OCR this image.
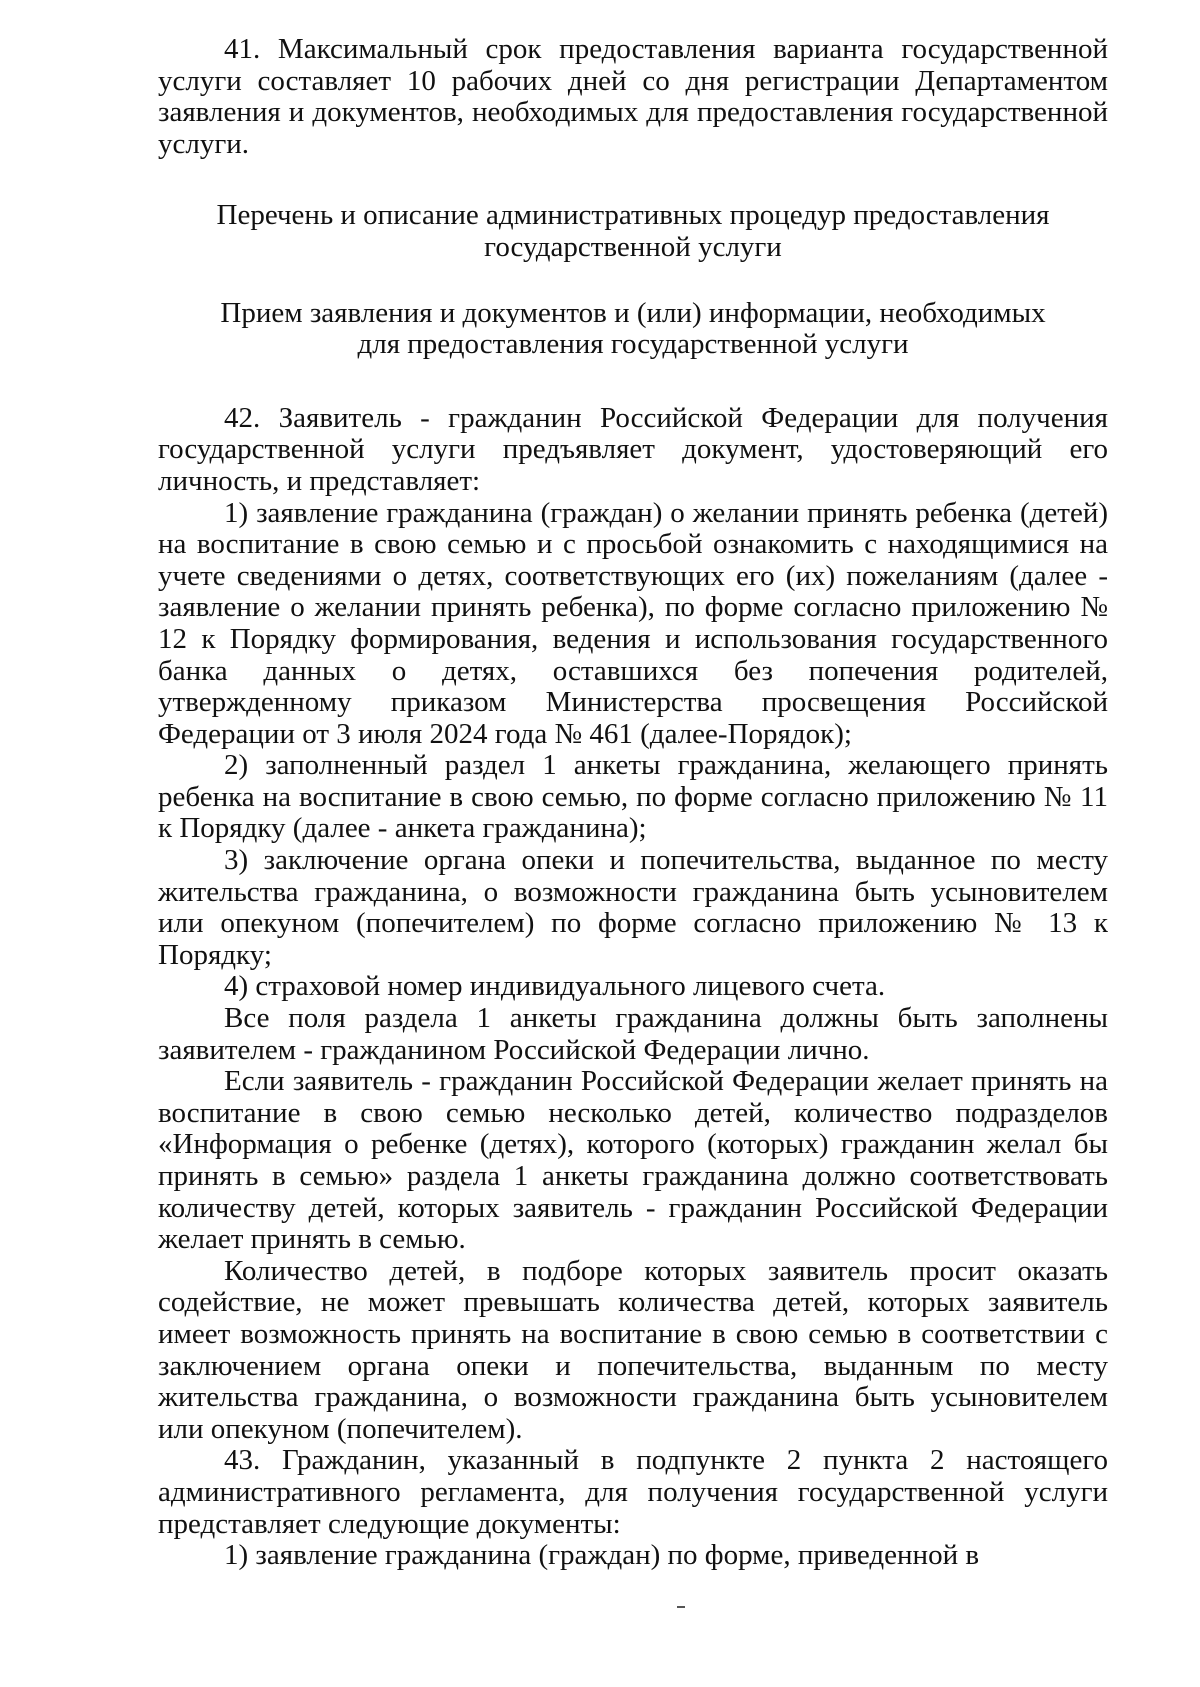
41. Максимальный срок предоставления варианта государственной услуги составляет 10 рабочих дней со дня регистрации Департаментом заявления и документов, необходимых для предоставления государственной услуги.

Перечень и описание административных процедур предоставления
государственной услуги
Прием заявления и документов и (или) информации, необходимых
для предоставления государственной услуги

42. Заявитель - гражданин Российской Федерации для получения государственной услуги предъявляет документ, удостоверяющий его личность, и представляет:

1) заявление гражданина (граждан) о желании принять ребенка (детей) на воспитание в свою семью и с просьбой ознакомить с находящимися на учете сведениями о детях, соответствующих его (их) пожеланиям (далее - заявление о желании принять ребенка), по форме согласно приложению № 12 к Порядку формирования, ведения и использования государственного банка данных о детях, оставшихся без попечения родителей, утвержденному приказом Министерства просвещения Российской Федерации от 3 июля 2024 года № 461 (далее-Порядок);

2) заполненный раздел 1 анкеты гражданина, желающего принять ребенка на воспитание в свою семью, по форме согласно приложению № 11 к Порядку (далее - анкета гражданина);

3) заключение органа опеки и попечительства, выданное по месту жительства гражданина, о возможности гражданина быть усыновителем или опекуном (попечителем) по форме согласно приложению № 13 к Порядку;

4) страховой номер индивидуального лицевого счета.

Все поля раздела 1 анкеты гражданина должны быть заполнены заявителем - гражданином Российской Федерации лично.

Если заявитель - гражданин Российской Федерации желает принять на воспитание в свою семью несколько детей, количество подразделов «Информация о ребенке (детях), которого (которых) гражданин желал бы принять в семью» раздела 1 анкеты гражданина должно соответствовать количеству детей, которых заявитель - гражданин Российской Федерации желает принять в семью.

Количество детей, в подборе которых заявитель просит оказать содействие, не может превышать количества детей, которых заявитель имеет возможность принять на воспитание в свою семью в соответствии с заключением органа опеки и попечительства, выданным по месту жительства гражданина, о возможности гражданина быть усыновителем или опекуном (попечителем).

43. Гражданин, указанный в подпункте 2 пункта 2 настоящего административного регламента, для получения государственной услуги представляет следующие документы:

1) заявление гражданина (граждан) по форме, приведенной в
